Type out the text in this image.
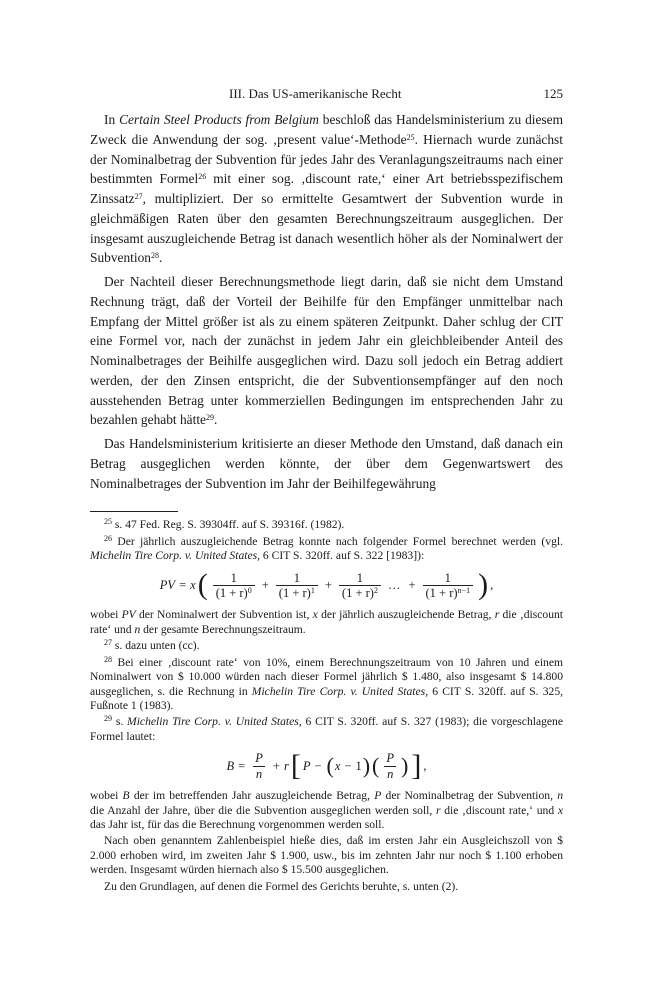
III. Das US-amerikanische Recht	125

In Certain Steel Products from Belgium beschloß das Handelsministerium zu diesem Zweck die Anwendung der sog. ‚present value‘-Methode$^{25}$. Hiernach wurde zunächst der Nominalbetrag der Subvention für jedes Jahr des Veranlagungszeitraums nach einer bestimmten Formel$^{26}$ mit einer sog. ‚discount rate,‘ einer Art betriebsspezifischem Zinssatz$^{27}$, multipliziert. Der so ermittelte Gesamtwert der Subvention wurde in gleichmäßigen Raten über den gesamten Berechnungszeitraum ausgeglichen. Der insgesamt auszugleichende Betrag ist danach wesentlich höher als der Nominalwert der Subvention$^{28}$.

Der Nachteil dieser Berechnungsmethode liegt darin, daß sie nicht dem Umstand Rechnung trägt, daß der Vorteil der Beihilfe für den Empfänger unmittelbar nach Empfang der Mittel größer ist als zu einem späteren Zeitpunkt. Daher schlug der CIT eine Formel vor, nach der zunächst in jedem Jahr ein gleichbleibender Anteil des Nominalbetrages der Beihilfe ausgeglichen wird. Dazu soll jedoch ein Betrag addiert werden, der den Zinsen entspricht, die der Subventionsempfänger auf den noch ausstehenden Betrag unter kommerziellen Bedingungen im entsprechenden Jahr zu bezahlen gehabt hätte$^{29}$.

Das Handelsministerium kritisierte an dieser Methode den Umstand, daß danach ein Betrag ausgeglichen werden könnte, der über dem Gegenwartswert des Nominalbetrages der Subvention im Jahr der Beihilfegewährung

$^{25}$ s. 47 Fed. Reg. S. 39304ff. auf S. 39316f. (1982).

$^{26}$ Der jährlich auszugleichende Betrag konnte nach folgender Formel berechnet werden (vgl. Michelin Tire Corp. v. United States, 6 CIT S. 320ff. auf S. 322 [1983]):

PV = x ( $\frac{1}{(1 + r)^0} + \frac{1}{(1 + r)^1} + \frac{1}{(1 + r)^2}$ … + $\frac{1}{(1 + r)^{n-1}}$ ) ,

wobei PV der Nominalwert der Subvention ist, x der jährlich auszugleichende Betrag, r die ‚discount rate‘ und n der gesamte Berechnungszeitraum.

$^{27}$ s. dazu unten (cc).

$^{28}$ Bei einer ‚discount rate‘ von 10%, einem Berechnungszeitraum von 10 Jahren und einem Nominalwert von $ 10.000 würden nach dieser Formel jährlich $ 1.480, also insgesamt $ 14.800 ausgeglichen, s. die Rechnung in Michelin Tire Corp. v. United States, 6 CIT S. 320ff. auf S. 325, Fußnote 1 (1983).

$^{29}$ s. Michelin Tire Corp. v. United States, 6 CIT S. 320ff. auf S. 327 (1983); die vorgeschlagene Formel lautet:

$B = \frac{P}{n} + r$ [ P − ( x − 1 ) ( $\frac{P}{n}$ ) ] ,

wobei B der im betreffenden Jahr auszugleichende Betrag, P der Nominalbetrag der Subvention, n die Anzahl der Jahre, über die die Subvention ausgeglichen werden soll, r die ‚discount rate,‘ und x das Jahr ist, für das die Berechnung vorgenommen werden soll.

Nach oben genanntem Zahlenbeispiel hieße dies, daß im ersten Jahr ein Ausgleichszoll von $ 2.000 erhoben wird, im zweiten Jahr $ 1.900, usw., bis im zehnten Jahr nur noch $ 1.100 erhoben werden. Insgesamt würden hiernach also $ 15.500 ausgeglichen.

Zu den Grundlagen, auf denen die Formel des Gerichts beruhte, s. unten (2).
